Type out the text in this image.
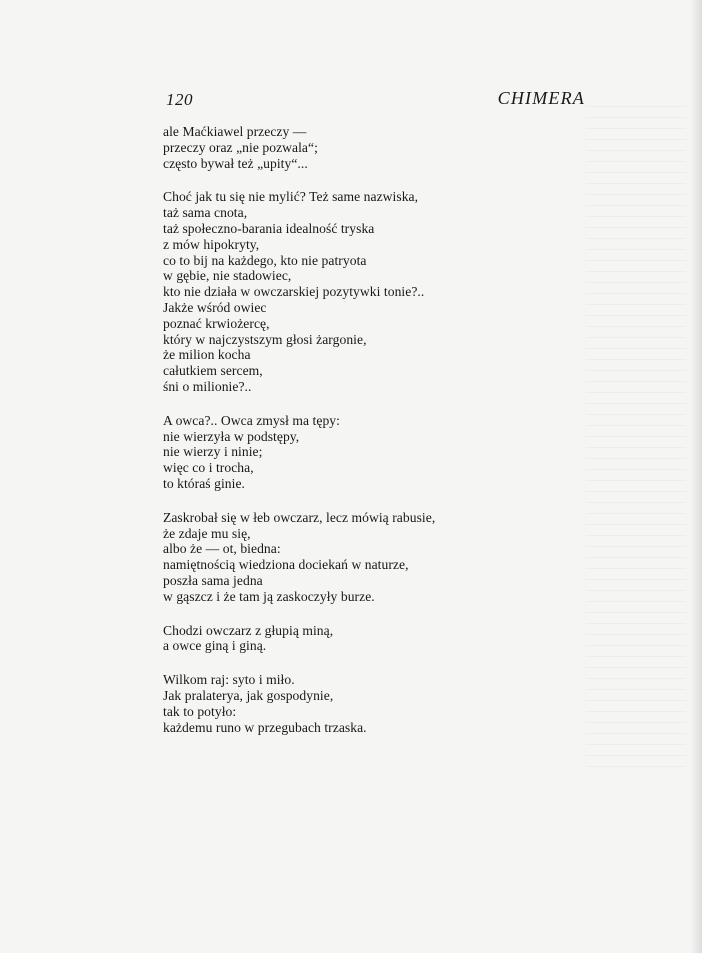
120	CHIMERA
ale Maćkiawel przeczy —
przeczy oraz „nie pozwala“;
często bywał też „upity“...
Choć jak tu się nie mylić? Też same nazwiska,
taż sama cnota,
taż społeczno-barania idealność tryska
z mów hipokryty,
co to bij na każdego, kto nie patryota
w gębie, nie stadowiec,
kto nie działa w owczarskiej pozytywki tonie?..
Jakże wśród owiec
poznać krwiożercę,
który w najczystszym głosi żargonie,
że milion kocha
całutkiem sercem,
śni o milionie?..
A owca?.. Owca zmysł ma tępy:
nie wierzyła w podstępy,
nie wierzy i ninie;
więc co i trocha,
to któraś ginie.
Zaskrobał się w łeb owczarz, lecz mówią rabusie,
że zdaje mu się,
albo że — ot, biedna:
namiętnością wiedziona dociekań w naturze,
poszła sama jedna
w gąszcz i że tam ją zaskoczyły burze.
Chodzi owczarz z głupią miną,
a owce giną i giną.
Wilkom raj: syto i miło.
Jak pralaterya, jak gospodynie,
tak to potyło:
każdemu runo w przegubach trzaska.
